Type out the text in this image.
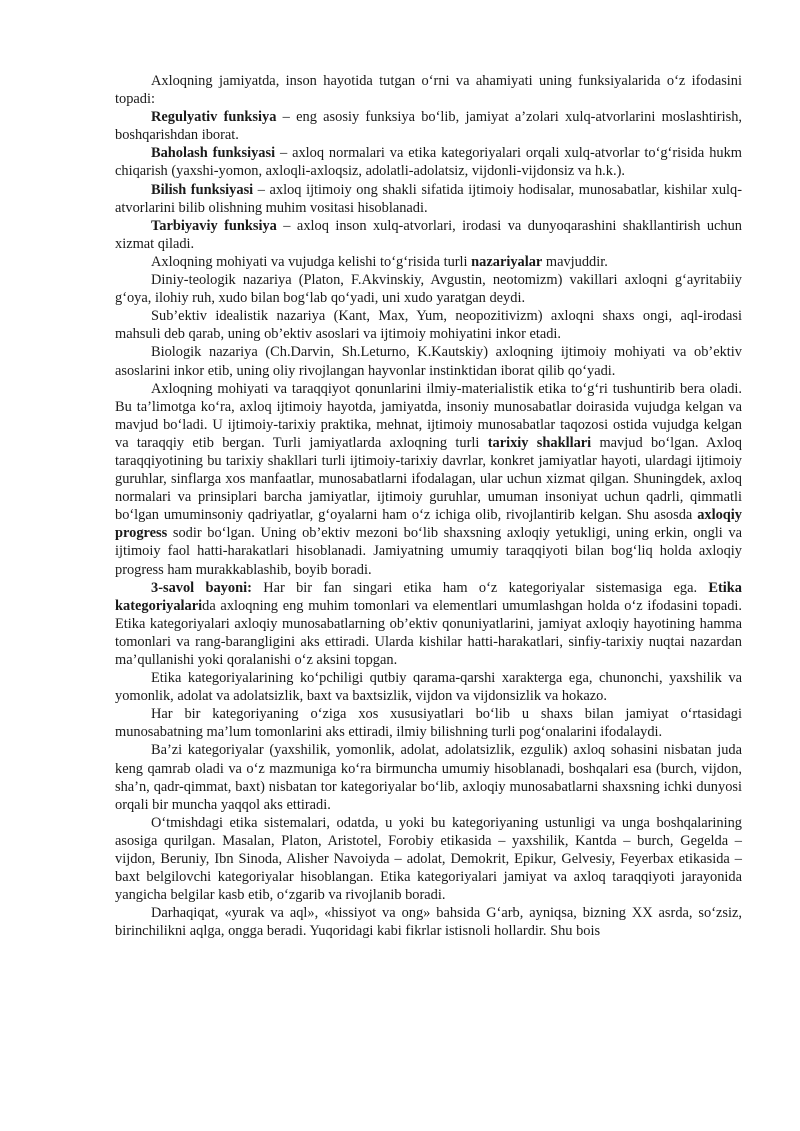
Axloqning jamiyatda, inson hayotida tutgan o‘rni va ahamiyati uning funksiyalarida o‘z ifodasini topadi:

Regulyativ funksiya – eng asosiy funksiya bo‘lib, jamiyat a’zolari xulq-atvorlarini moslashtirish, boshqarishdan iborat.

Baholash funksiyasi – axloq normalari va etika kategoriyalari orqali xulq-atvorlar to‘g‘risida hukm chiqarish (yaxshi-yomon, axloqli-axloqsiz, adolatli-adolatsiz, vijdonli-vijdonsiz va h.k.).

Bilish funksiyasi – axloq ijtimoiy ong shakli sifatida ijtimoiy hodisalar, munosabatlar, kishilar xulq-atvorlarini bilib olishning muhim vositasi hisoblanadi.

Tarbiyaviy funksiya – axloq inson xulq-atvorlari, irodasi va dunyoqarashini shakllantirish uchun xizmat qiladi.

Axloqning mohiyati va vujudga kelishi to‘g‘risida turli nazariyalar mavjuddir.

Diniy-teologik nazariya (Platon, F.Akvinskiy, Avgustin, neotomizm) vakillari axloqni g‘ayritabiiy g‘oya, ilohiy ruh, xudo bilan bog‘lab qo‘yadi, uni xudo yaratgan deydi.

Sub’ektiv idealistik nazariya (Kant, Max, Yum, neopozitivizm) axloqni shaxs ongi, aql-irodasi mahsuli deb qarab, uning ob’ektiv asoslari va ijtimoiy mohiyatini inkor etadi.

Biologik nazariya (Ch.Darvin, Sh.Leturno, K.Kautskiy) axloqning ijtimoiy mohiyati va ob’ektiv asoslarini inkor etib, uning oliy rivojlangan hayvonlar instinktidan iborat qilib qo‘yadi.

Axloqning mohiyati va taraqqiyot qonunlarini ilmiy-materialistik etika to‘g‘ri tushuntirib bera oladi. Bu ta’limotga ko‘ra, axloq ijtimoiy hayotda, jamiyatda, insoniy munosabatlar doirasida vujudga kelgan va mavjud bo‘ladi. U ijtimoiy-tarixiy praktika, mehnat, ijtimoiy munosabatlar taqozosi ostida vujudga kelgan va taraqqiy etib bergan. Turli jamiyatlarda axloqning turli tarixiy shakllari mavjud bo‘lgan. Axloq taraqqiyotining bu tarixiy shakllari turli ijtimoiy-tarixiy davrlar, konkret jamiyatlar hayoti, ulardagi ijtimoiy guruhlar, sinflarga xos manfaatlar, munosabatlarni ifodalagan, ular uchun xizmat qilgan. Shuningdek, axloq normalari va prinsiplari barcha jamiyatlar, ijtimoiy guruhlar, umuman insoniyat uchun qadrli, qimmatli bo‘lgan umuminsoniy qadriyatlar, g‘oyalarni ham o‘z ichiga olib, rivojlantirib kelgan. Shu asosda axloqiy progress sodir bo‘lgan. Uning ob’ektiv mezoni bo‘lib shaxsning axloqiy yetukligi, uning erkin, ongli va ijtimoiy faol hatti-harakatlari hisoblanadi. Jamiyatning umumiy taraqqiyoti bilan bog‘liq holda axloqiy progress ham murakkablashib, boyib boradi.

3-savol bayoni: Har bir fan singari etika ham o‘z kategoriyalar sistemasiga ega. Etika kategoriyalarida axloqning eng muhim tomonlari va elementlari umumlashgan holda o‘z ifodasini topadi. Etika kategoriyalari axloqiy munosabatlarning ob’ektiv qonuniyatlarini, jamiyat axloqiy hayotining hamma tomonlari va rang-barangligini aks ettiradi. Ularda kishilar hatti-harakatlari, sinfiy-tarixiy nuqtai nazardan ma’qullanishi yoki qoralanishi o‘z aksini topgan.

Etika kategoriyalarining ko‘pchiligi qutbiy qarama-qarshi xarakterga ega, chunonchi, yaxshilik va yomonlik, adolat va adolatsizlik, baxt va baxtsizlik, vijdon va vijdonsizlik va hokazo.

Har bir kategoriyaning o‘ziga xos xususiyatlari bo‘lib u shaxs bilan jamiyat o‘rtasidagi munosabatning ma’lum tomonlarini aks ettiradi, ilmiy bilishning turli pog‘onalarini ifodalaydi.

Ba’zi kategoriyalar (yaxshilik, yomonlik, adolat, adolatsizlik, ezgulik) axloq sohasini nisbatan juda keng qamrab oladi va o‘z mazmuniga ko‘ra birmuncha umumiy hisoblanadi, boshqalari esa (burch, vijdon, sha’n, qadr-qimmat, baxt) nisbatan tor kategoriyalar bo‘lib, axloqiy munosabatlarni shaxsning ichki dunyosi orqali bir muncha yaqqol aks ettiradi.

O‘tmishdagi etika sistemalari, odatda, u yoki bu kategoriyaning ustunligi va unga boshqalarining asosiga qurilgan. Masalan, Platon, Aristotel, Forobiy etikasida – yaxshilik, Kantda – burch, Gegelda – vijdon, Beruniy, Ibn Sinoda, Alisher Navoiyda – adolat, Demokrit, Epikur, Gelvesiy, Feyerbax etikasida – baxt belgilovchi kategoriyalar hisoblangan. Etika kategoriyalari jamiyat va axloq taraqqiyoti jarayonida yangicha belgilar kasb etib, o‘zgarib va rivojlanib boradi.

Darhaqiqat, «yurak va aql», «hissiyot va ong» bahsida G‘arb, ayniqsa, bizning XX asrda, so‘zsiz, birinchilikni aqlga, ongga beradi. Yuqoridagi kabi fikrlar istisnoli hollardir. Shu bois
